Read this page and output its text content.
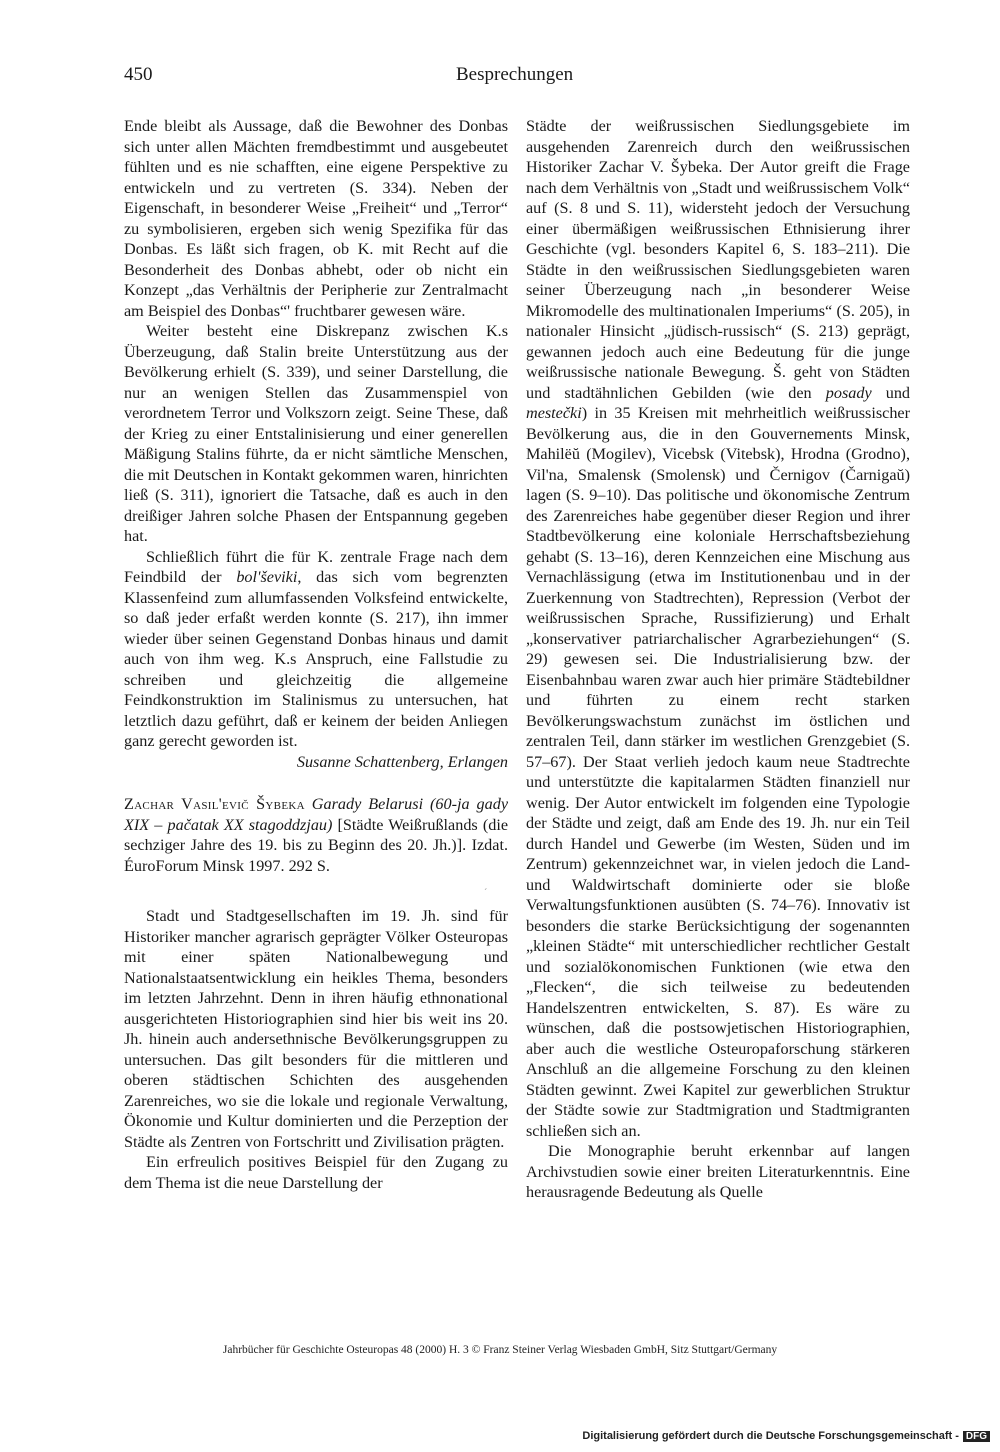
450	Besprechungen

Ende bleibt als Aussage, daß die Bewohner des Donbas sich unter allen Mächten fremdbestimmt und ausgebeutet fühlten und es nie schafften, eine eigene Perspektive zu entwickeln und zu vertreten (S. 334). Neben der Eigenschaft, in besonderer Weise „Freiheit“ und „Terror“ zu symbolisieren, ergeben sich wenig Spezifika für das Donbas. Es läßt sich fragen, ob K. mit Recht auf die Besonderheit des Donbas abhebt, oder ob nicht ein Konzept „das Verhältnis der Peripherie zur Zentralmacht am Beispiel des Donbas“' fruchtbarer gewesen wäre.

Weiter besteht eine Diskrepanz zwischen K.s Überzeugung, daß Stalin breite Unterstützung aus der Bevölkerung erhielt (S. 339), und seiner Darstellung, die nur an wenigen Stellen das Zusammenspiel von verordnetem Terror und Volkszorn zeigt. Seine These, daß der Krieg zu einer Entstalinisierung und einer generellen Mäßigung Stalins führte, da er nicht sämtliche Menschen, die mit Deutschen in Kontakt gekommen waren, hinrichten ließ (S. 311), ignoriert die Tatsache, daß es auch in den dreißiger Jahren solche Phasen der Entspannung gegeben hat.

Schließlich führt die für K. zentrale Frage nach dem Feindbild der bol'ševiki, das sich vom begrenzten Klassenfeind zum allumfassenden Volksfeind entwickelte, so daß jeder erfaßt werden konnte (S. 217), ihn immer wieder über seinen Gegenstand Donbas hinaus und damit auch von ihm weg. K.s Anspruch, eine Fallstudie zu schreiben und gleichzeitig die allgemeine Feindkonstruktion im Stalinismus zu untersuchen, hat letztlich dazu geführt, daß er keinem der beiden Anliegen ganz gerecht geworden ist.

Susanne Schattenberg, Erlangen

Zachar Vasil'evič Šybeka Garady Belarusi (60-ja gady XIX – pačatak XX stagoddzjau) [Städte Weißrußlands (die sechziger Jahre des 19. bis zu Beginn des 20. Jh.)]. Izdat. ÉuroForum Minsk 1997. 292 S.

ˊ

Stadt und Stadtgesellschaften im 19. Jh. sind für Historiker mancher agrarisch geprägter Völker Osteuropas mit einer späten Nationalbewegung und Nationalstaatsentwicklung ein heikles Thema, besonders im letzten Jahrzehnt. Denn in ihren häufig ethnonational ausgerichteten Historiographien sind hier bis weit ins 20. Jh. hinein auch andersethnische Bevölkerungsgruppen zu untersuchen. Das gilt besonders für die mittleren und oberen städtischen Schichten des ausgehenden Zarenreiches, wo sie die lokale und regionale Verwaltung, Ökonomie und Kultur dominierten und die Perzeption der Städte als Zentren von Fortschritt und Zivilisation prägten.

Ein erfreulich positives Beispiel für den Zugang zu dem Thema ist die neue Darstellung der

Städte der weißrussischen Siedlungsgebiete im ausgehenden Zarenreich durch den weißrussischen Historiker Zachar V. Šybeka. Der Autor greift die Frage nach dem Verhältnis von „Stadt und weißrussischem Volk“ auf (S. 8 und S. 11), widersteht jedoch der Versuchung einer übermäßigen weißrussischen Ethnisierung ihrer Geschichte (vgl. besonders Kapitel 6, S. 183–211). Die Städte in den weißrussischen Siedlungsgebieten waren seiner Überzeugung nach „in besonderer Weise Mikromodelle des multinationalen Imperiums“ (S. 205), in nationaler Hinsicht „jüdisch-russisch“ (S. 213) geprägt, gewannen jedoch auch eine Bedeutung für die junge weißrussische nationale Bewegung. Š. geht von Städten und stadtähnlichen Gebilden (wie den posady und mestečki) in 35 Kreisen mit mehrheitlich weißrussischer Bevölkerung aus, die in den Gouvernements Minsk, Mahilëŭ (Mogilev), Vicebsk (Vitebsk), Hrodna (Grodno), Vil'na, Smalensk (Smolensk) und Černigov (Čarnigaŭ) lagen (S. 9–10). Das politische und ökonomische Zentrum des Zarenreiches habe gegenüber dieser Region und ihrer Stadtbevölkerung eine koloniale Herrschaftsbeziehung gehabt (S. 13–16), deren Kennzeichen eine Mischung aus Vernachlässigung (etwa im Institutionenbau und in der Zuerkennung von Stadtrechten), Repression (Verbot der weißrussischen Sprache, Russifizierung) und Erhalt „konservativer patriarchalischer Agrarbeziehungen“ (S. 29) gewesen sei. Die Industrialisierung bzw. der Eisenbahnbau waren zwar auch hier primäre Städtebildner und führten zu einem recht starken Bevölkerungswachstum zunächst im östlichen und zentralen Teil, dann stärker im westlichen Grenzgebiet (S. 57–67). Der Staat verlieh jedoch kaum neue Stadtrechte und unterstützte die kapitalarmen Städten finanziell nur wenig. Der Autor entwickelt im folgenden eine Typologie der Städte und zeigt, daß am Ende des 19. Jh. nur ein Teil durch Handel und Gewerbe (im Westen, Süden und im Zentrum) gekennzeichnet war, in vielen jedoch die Land- und Waldwirtschaft dominierte oder sie bloße Verwaltungsfunktionen ausübten (S. 74–76). Innovativ ist besonders die starke Berücksichtigung der sogenannten „kleinen Städte“ mit unterschiedlicher rechtlicher Gestalt und sozialökonomischen Funktionen (wie etwa den „Flecken“, die sich teilweise zu bedeutenden Handelszentren entwickelten, S. 87). Es wäre zu wünschen, daß die postsowjetischen Historiographien, aber auch die westliche Osteuropaforschung stärkeren Anschluß an die allgemeine Forschung zu den kleinen Städten gewinnt. Zwei Kapitel zur gewerblichen Struktur der Städte sowie zur Stadtmigration und Stadtmigranten schließen sich an.

Die Monographie beruht erkennbar auf langen Archivstudien sowie einer breiten Literaturkenntnis. Eine herausragende Bedeutung als Quelle

Jahrbücher für Geschichte Osteuropas 48 (2000) H. 3 © Franz Steiner Verlag Wiesbaden GmbH, Sitz Stuttgart/Germany
Digitalisierung gefördert durch die Deutsche Forschungsgemeinschaft - DFG
